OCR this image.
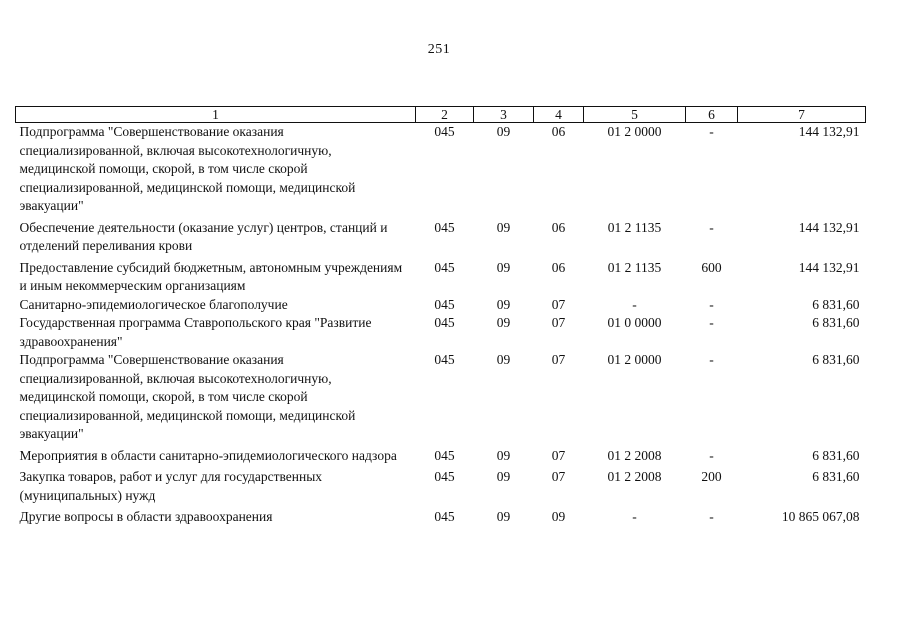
251
1	2	3	4	5	6	7
Подпрограмма "Совершенствование оказания специализированной, включая высокотехнологичную, медицинской помощи, скорой, в том числе скорой специализированной, медицинской помощи, медицинской эвакуации"	045	09	06	01 2 0000	-	144 132,91
Обеспечение деятельности (оказание услуг) центров, станций и отделений переливания крови	045	09	06	01 2 1135	-	144 132,91
Предоставление субсидий бюджетным, автономным учреждениям и иным некоммерческим организациям	045	09	06	01 2 1135	600	144 132,91
Санитарно-эпидемиологическое благополучие	045	09	07	-	-	6 831,60
Государственная программа Ставропольского края "Развитие здравоохранения"	045	09	07	01 0 0000	-	6 831,60
Подпрограмма "Совершенствование оказания специализированной, включая высокотехнологичную, медицинской помощи, скорой, в том числе скорой специализированной, медицинской помощи, медицинской эвакуации"	045	09	07	01 2 0000	-	6 831,60
Мероприятия в области санитарно-эпидемиологического надзора	045	09	07	01 2 2008	-	6 831,60
Закупка товаров, работ и услуг для государственных (муниципальных) нужд	045	09	07	01 2 2008	200	6 831,60
Другие вопросы в области здравоохранения	045	09	09	-	-	10 865 067,08
